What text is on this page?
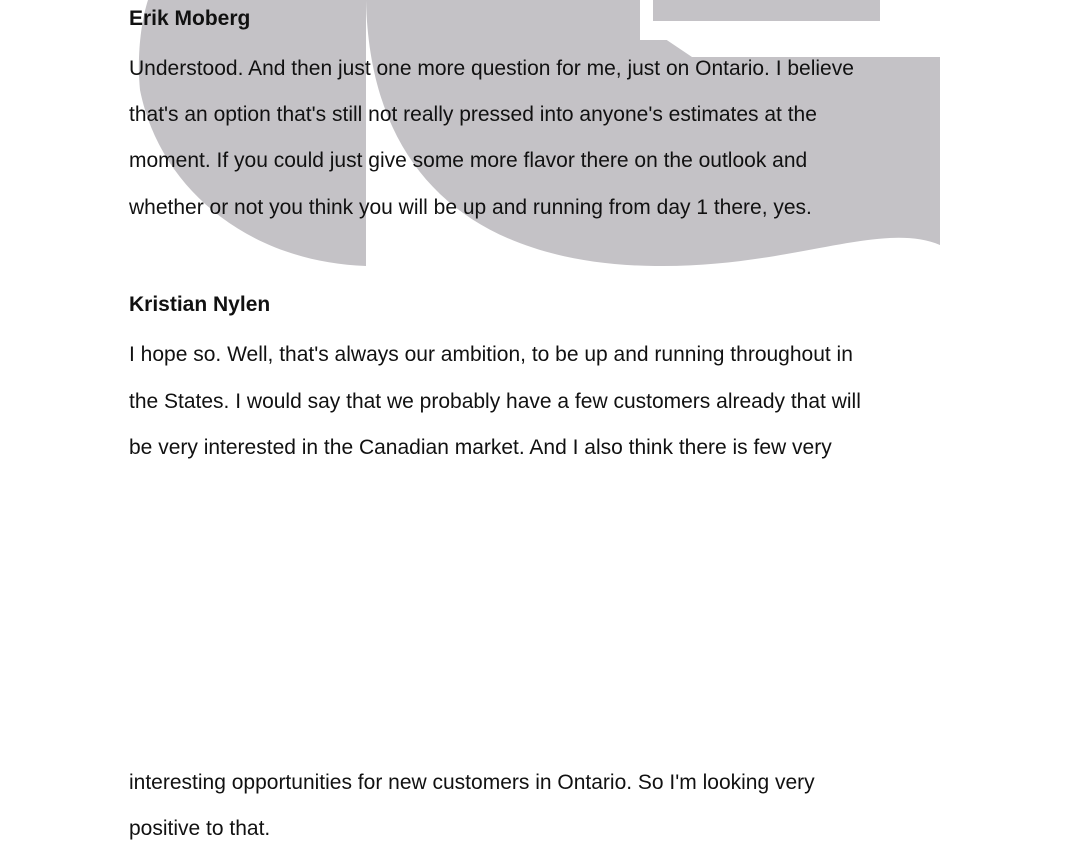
Erik Moberg
Understood. And then just one more question for me, just on Ontario. I believe
that's an option that's still not really pressed into anyone's estimates at the
moment. If you could just give some more flavor there on the outlook and
whether or not you think you will be up and running from day 1 there, yes.
Kristian Nylen
I hope so. Well, that's always our ambition, to be up and running throughout in
the States. I would say that we probably have a few customers already that will
be very interested in the Canadian market. And I also think there is few very
interesting opportunities for new customers in Ontario. So I'm looking very
positive to that.
